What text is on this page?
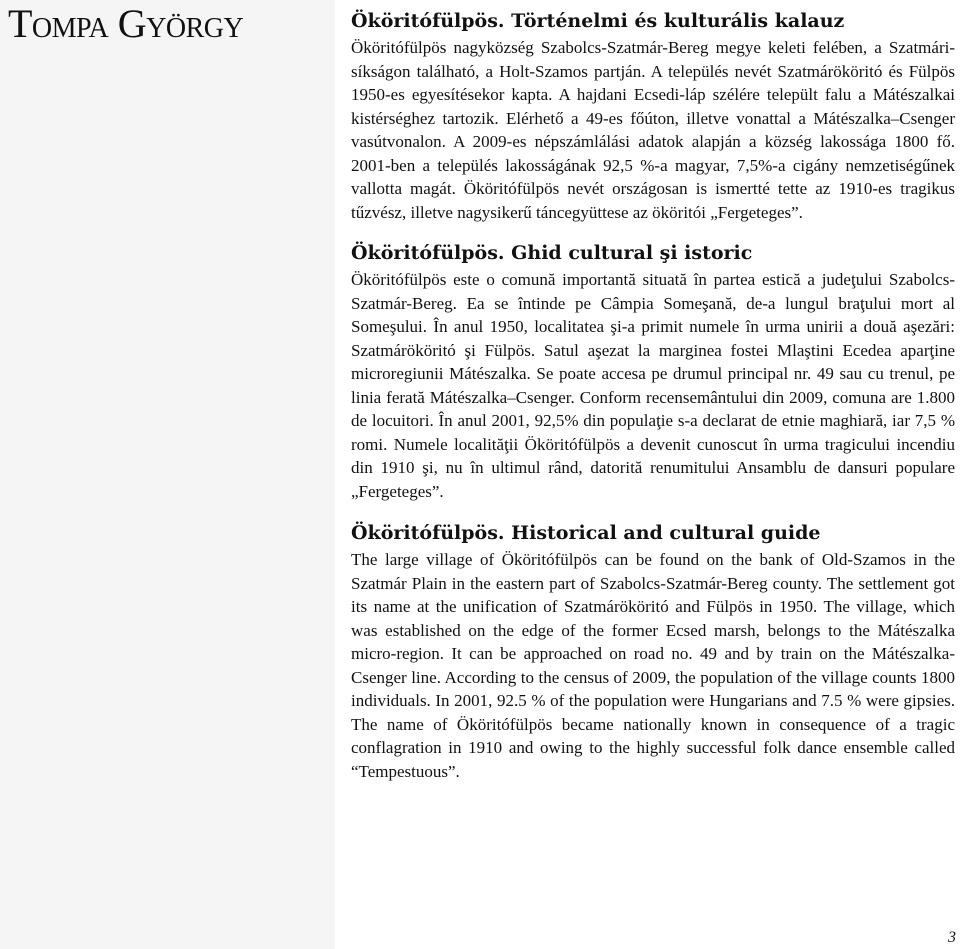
Tompa György	Ököritófülpös. Történelmi és kulturális kalauz

Ököritófülpös nagyközség Szabolcs-Szatmár-Bereg megye keleti felében, a Szatmári-síkságon található, a Holt-Szamos partján. A település nevét Szatmárököritó és Fülpös 1950-es egyesítésekor kapta. A hajdani Ecsedi-láp szélére települt falu a Mátészalkai kistérséghez tartozik. Elérhető a 49-es főúton, illetve vonattal a Mátészalka–Csenger vasútvonalon. A 2009-es népszámlálási adatok alapján a község lakossága 1800 fő. 2001-ben a település lakosságának 92,5 %-a magyar, 7,5%-a cigány nemzetiségűnek vallotta magát. Ököritófülpös nevét országosan is ismertté tette az 1910-es tragikus tűzvész, illetve nagysikerű táncegyüttese az ököritói „Fergeteges”.

Ököritófülpös. Ghid cultural şi istoric

Ököritófülpös este o comună importantă situată în partea estică a judeţului Szabolcs-Szatmár-Bereg. Ea se întinde pe Câmpia Someşană, de-a lungul braţului mort al Someşului. În anul 1950, localitatea şi-a primit numele în urma unirii a două aşezări: Szatmárököritó şi Fülpös. Satul aşezat la marginea fostei Mlaştini Ecedea aparţine microregiunii Mátészalka. Se poate accesa pe drumul principal nr. 49 sau cu trenul, pe linia ferată Mátészalka–Csenger. Conform recensemântului din 2009, comuna are 1.800 de locuitori. În anul 2001, 92,5% din populaţie s-a declarat de etnie maghiară, iar 7,5 % romi. Numele localităţii Ököritófülpös a devenit cunoscut în urma tragicului incendiu din 1910 şi, nu în ultimul rând, datorită renumitului Ansamblu de dansuri populare „Fergeteges”.

Ököritófülpös. Historical and cultural guide

The large village of Ököritófülpös can be found on the bank of Old-Szamos in the Szatmár Plain in the eastern part of Szabolcs-Szatmár-Bereg county. The settlement got its name at the unification of Szatmárököritó and Fülpös in 1950. The village, which was established on the edge of the former Ecsed marsh, belongs to the Mátészalka micro-region. It can be approached on road no. 49 and by train on the Mátészalka-Csenger line. According to the census of 2009, the population of the village counts 1800 individuals. In 2001, 92.5 % of the population were Hungarians and 7.5 % were gipsies. The name of Ököritófülpös became nationally known in consequence of a tragic conflagration in 1910 and owing to the highly successful folk dance ensemble called “Tempestuous”.

3
